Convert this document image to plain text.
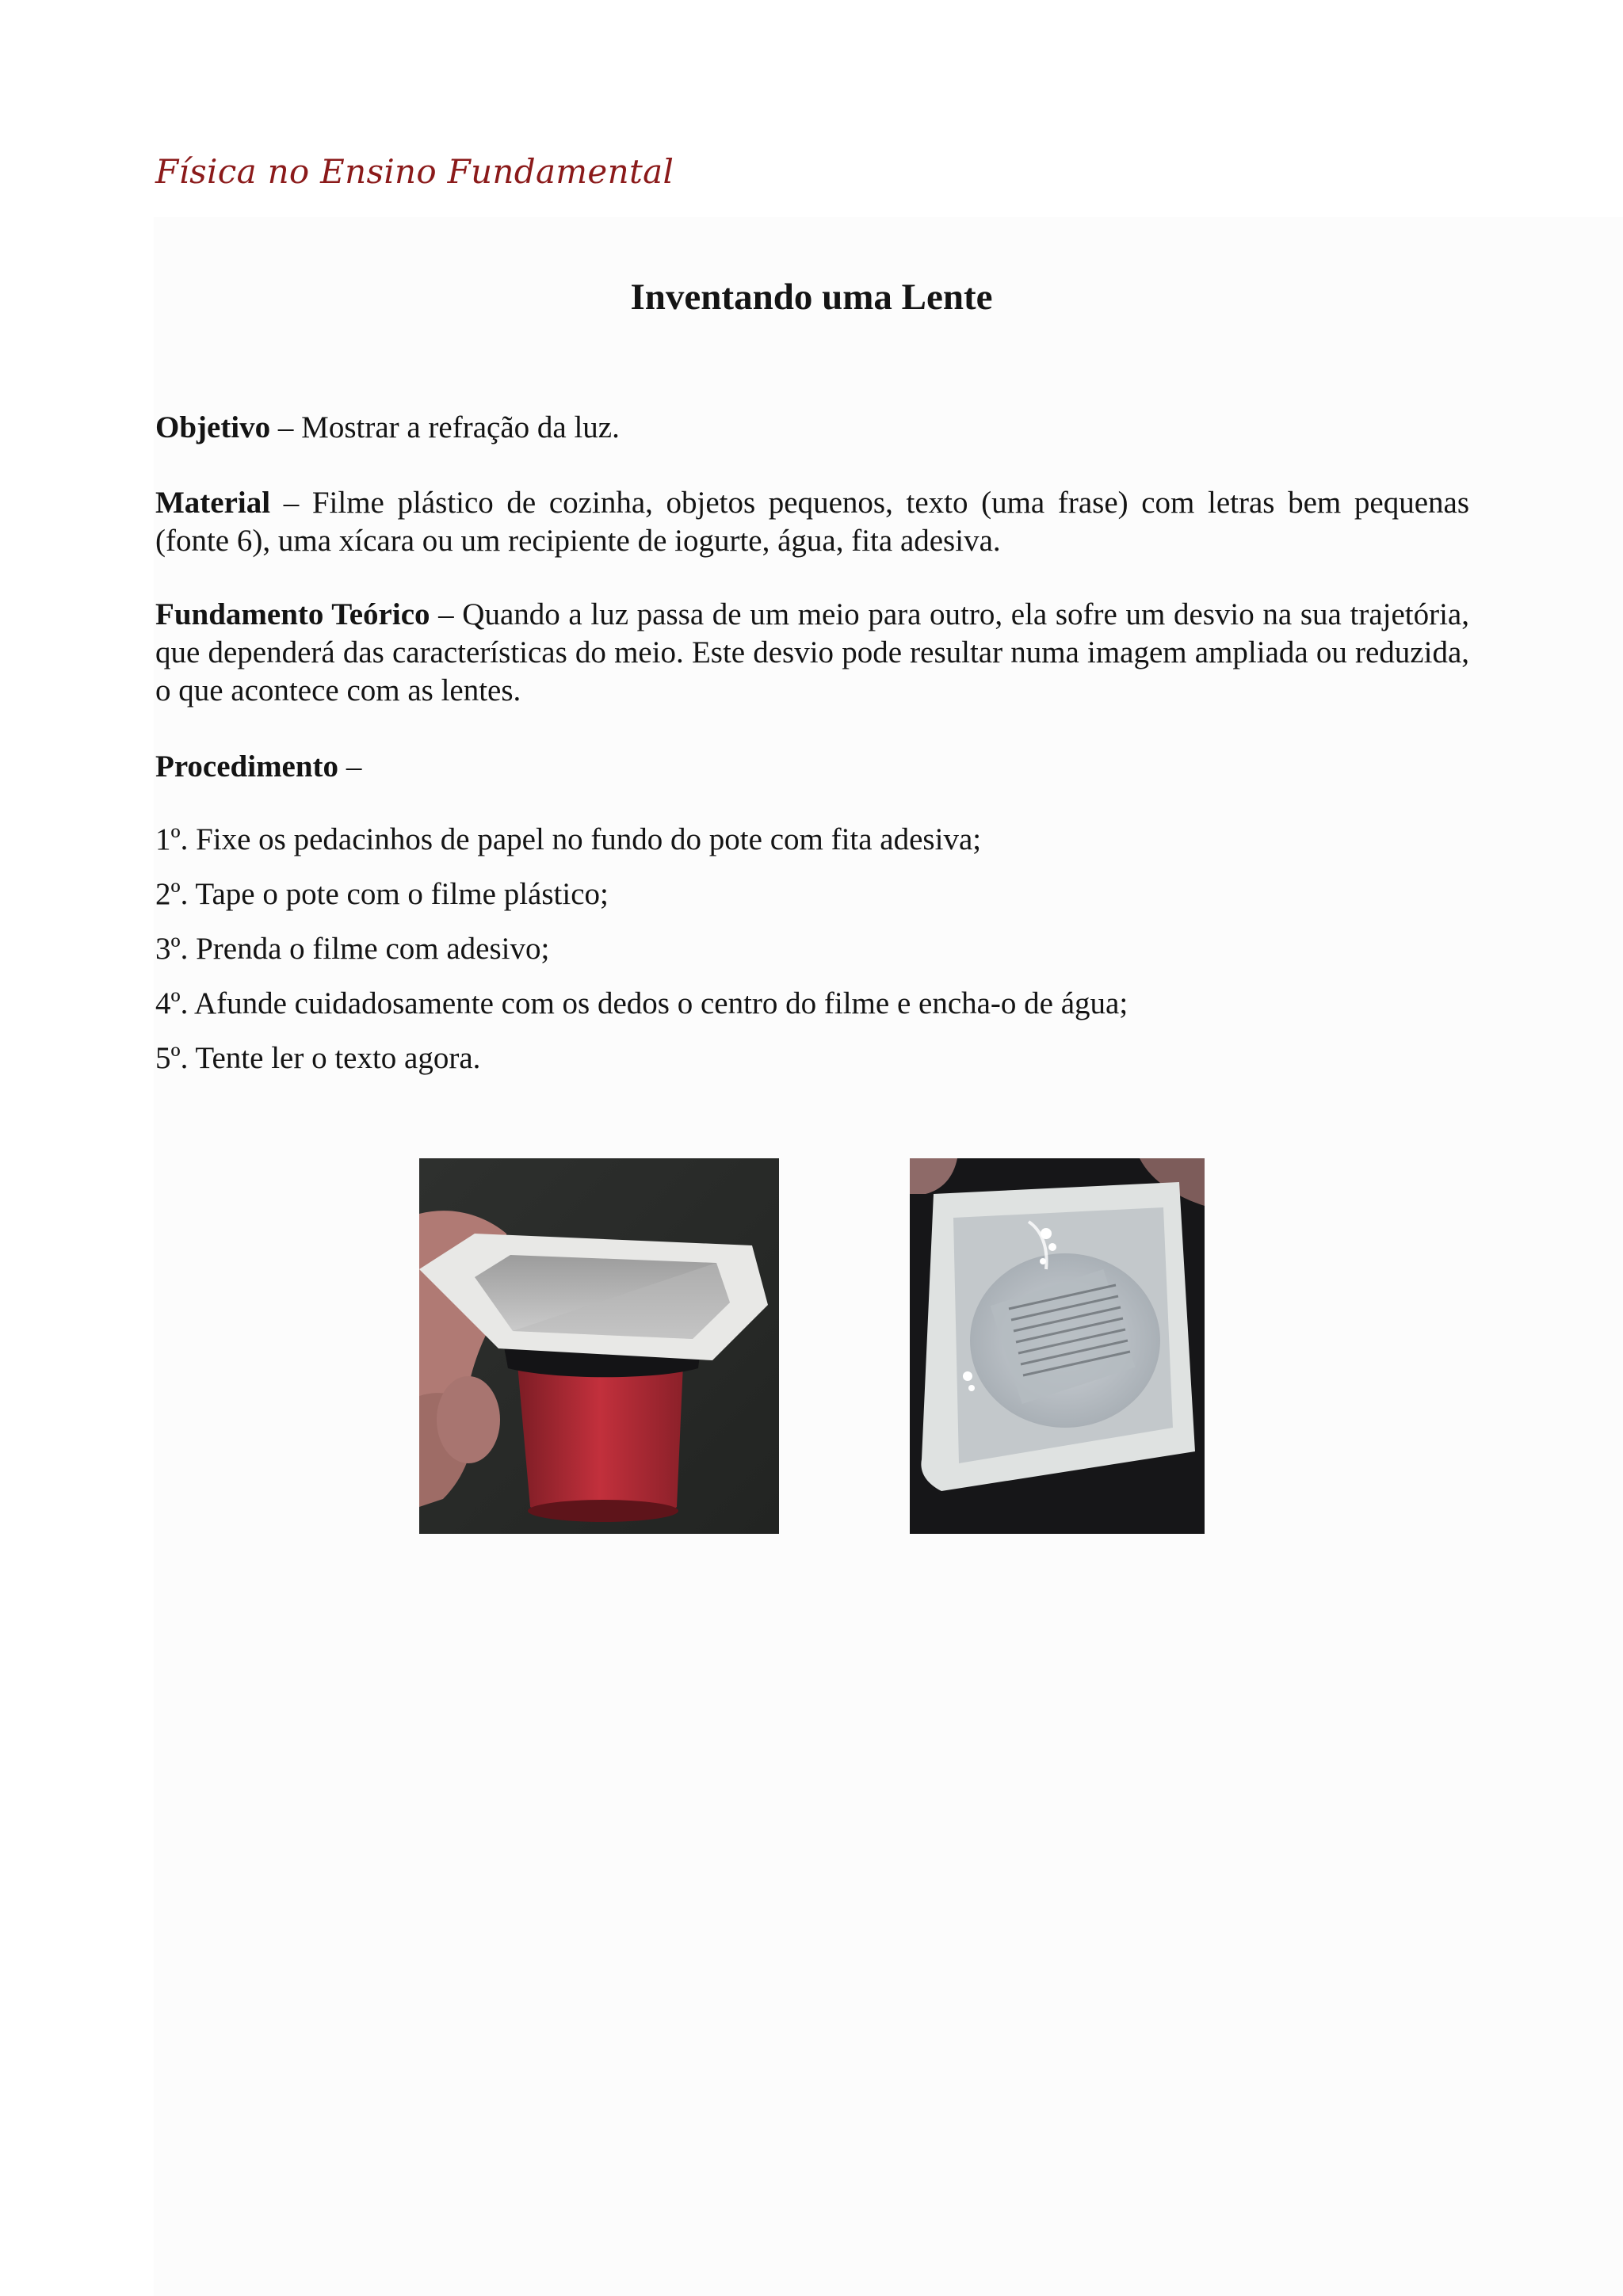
Física no Ensino Fundamental
Inventando uma Lente
Objetivo – Mostrar a refração da luz.
Material – Filme plástico de cozinha, objetos pequenos, texto (uma frase) com letras bem pequenas (fonte 6), uma xícara ou um recipiente de iogurte, água, fita adesiva.
Fundamento Teórico – Quando a luz passa de um meio para outro, ela sofre um desvio na sua trajetória, que dependerá das características do meio. Este desvio pode resultar numa imagem ampliada ou reduzida, o que acontece com as lentes.
Procedimento –
1º. Fixe os pedacinhos de papel no fundo do pote com fita adesiva;
2º. Tape o pote com o filme plástico;
3º. Prenda o filme com adesivo;
4º. Afunde cuidadosamente com os dedos o centro do filme e encha-o de água;
5º. Tente ler o texto agora.
